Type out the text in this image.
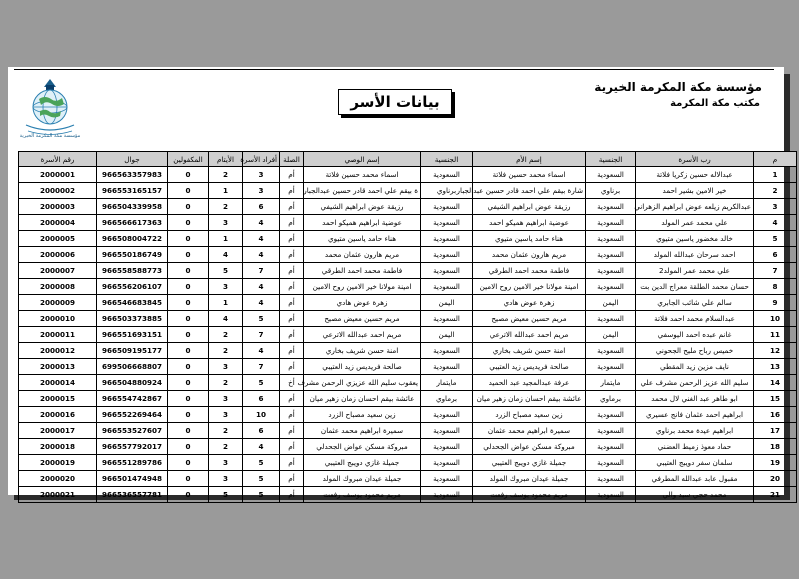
مؤسسة مكة المكرمة الخيرية
مكتب مكة المكرمة
بيانات الأسر
مؤسسة مكة المكرمة الخيرية
م	رب الأسرة	الجنسية	إسم الأم	الجنسية	إسم الوصي	الصلة	أفراد الأسرة	الأيتام	المكفولين	جوال	رقم الأسرة
1	عبدالاله حسين زكريا فلاتة	السعودية	اسماء محمد حسين فلاتة	السعودية	اسماء محمد حسين فلاتة	أم	3	2	0	966563357983	2000001
2	خير الامين بشير احمد	برناوي	شارة بيقم علي احمد قادر حسين عبدالجبار	برناوي	ة بيقم علي احمد قادر حسين عبدالجبار	أم	3	1	0	966553165157	2000002
3	عبدالكريم زيلعه عوض ابراهيم الزهراني	السعودية	رزيقة عوض ابراهيم الشيفي	السعودية	رزيقة عوض ابراهيم الشيفي	أم	6	2	0	966504339958	2000003
4	علي محمد عمر المولد	السعودية	عوضية ابراهيم هميكو احمد	السعودية	عوضية ابراهيم هميكو احمد	أم	4	3	0	966566617363	2000004
5	خالد مخضور ياسين متيوي	السعودية	هناء حامد ياسين متيوي	السعودية	هناء حامد ياسين متيوي	أم	4	1	0	966508004722	2000005
6	احمد سرحان عبدالله المولد	السعودية	مريم هارون عثمان محمد	السعودية	مريم هارون عثمان محمد	أم	4	4	0	966550186749	2000006
7	علي محمد عمر المولد2	السعودية	فاطمة محمد احمد الطرقي	السعودية	فاطمة محمد احمد الطرقي	أم	7	5	0	966558588773	2000007
8	حسان محمد الطلقة معراج الدين بت	السعودية	امينة مولانا خير الامين روح الامين	السعودية	امينة مولانا خير الامين روح الامين	أم	4	3	0	966556206107	2000008
9	سالم علي شائب الجابري	اليمن	زهرة عوض هادي	اليمن	زهرة عوض هادي	أم	4	1	0	966546683845	2000009
10	عبدالسلام محمد احمد فلاتة	السعودية	مريم حسين معيض مصيح	السعودية	مريم حسين معيض مصيح	أم	5	4	0	966503373885	2000010
11	غانم عبده احمد اليوسفي	اليمن	مريم احمد عبدالله الاترعي	اليمن	مريم احمد عبدالله الاترعي	أم	7	2	0	966551693151	2000011
12	خميس رباح مليح الجحوني	السعودية	امنة حسن شريف بخاري	السعودية	امنة حسن شريف بخاري	أم	4	2	0	966509195177	2000012
13	نايف مزين زيد المقطي	السعودية	صالحة فريديس زيد العتيبي	السعودية	صالحة فريديس زيد العتيبي	أم	7	3	0	699506668807	2000013
14	سليم الله عزيز الرحمن مشرف علي	مايتمار	عرفة عبدالمجيد عبد الحميد	مايتمار	يعقوب سليم الله عزيزي الرحمن مشرف	أخ	5	2	0	966504880924	2000014
15	ابو طاهر عبد الغني لال محمد	برماوي	عائشة بيقم احسان زمان زهير ميان	برماوي	عائشة بيقم احسان زمان زهير ميان	أم	6	3	0	966554742867	2000015
16	ابراهيم احمد عثمان فانج عسيري	السعودية	زين سعيد مصباح الزرد	السعودية	زين سعيد مصباح الزرد	أم	10	3	0	966552269464	2000016
17	ابراهيم عيدة محمد برناوي	السعودية	سميرة ابراهيم محمد عثمان	السعودية	سميرة ابراهيم محمد عثمان	أم	6	2	0	966553527607	2000017
18	حماد معوذ زميط العضني	السعودية	مبروكة مسكن عواض الجحدلي	السعودية	مبروكة مسكن عواض الجحدلي	أم	4	2	0	966557792017	2000018
19	سلمان سفر دويبج العتيبي	السعودية	جميلة غازي دويبج العتيبي	السعودية	جميلة غازي دويبج العتيبي	أم	5	3	0	966551289786	2000019
20	مقبول عابد عبدالله المطرفي	السعودية	جميلة عيدان مبروك المولد	السعودية	جميلة عيدان مبروك المولد	أم	5	3	0	966501474948	2000020
21	محمد حجي سيد والي	السعودية	مريم محمود يوسف رفعت	السعودية	مريم محمود يوسف رفعت	أم	5	5	0	966536557781	2000021
